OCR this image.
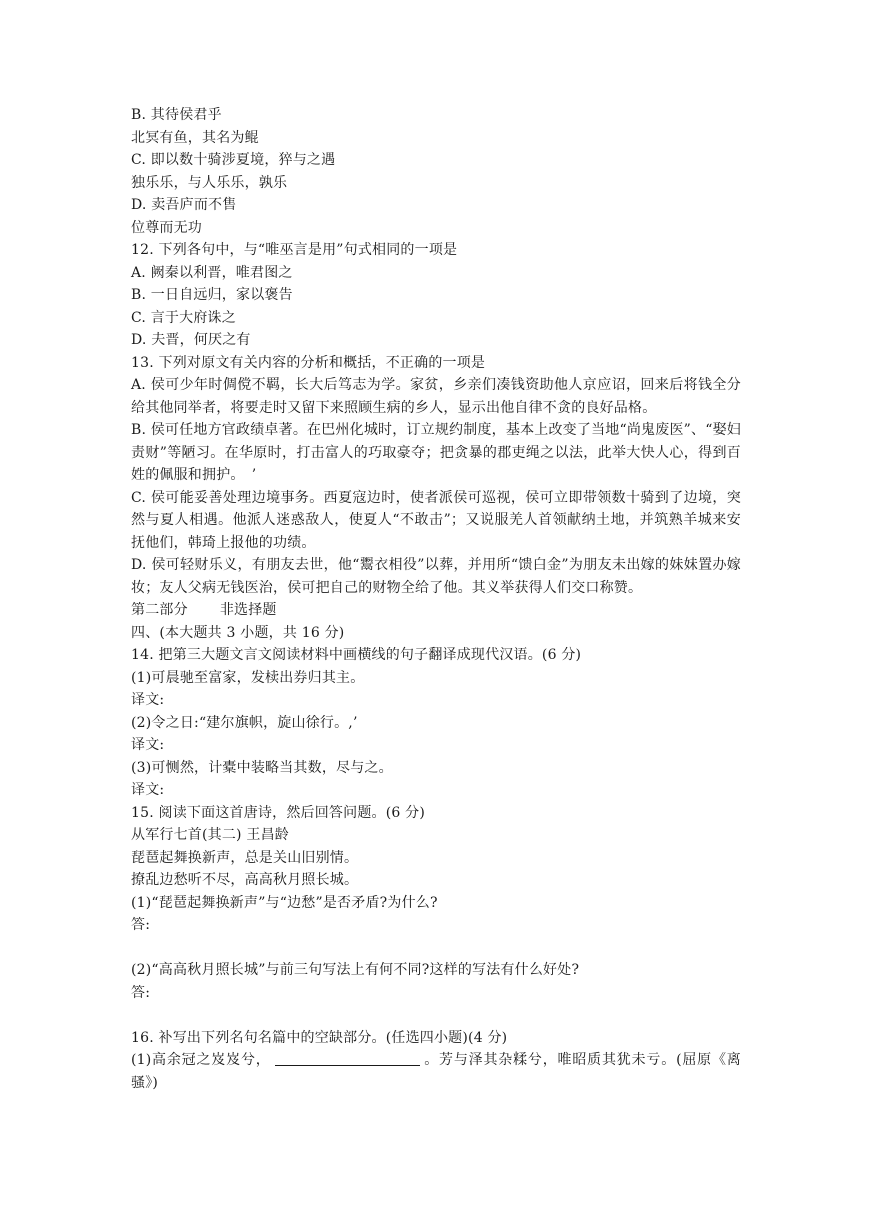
B. 其待侯君乎
北冥有鱼，其名为鲲
C. 即以数十骑涉夏境，猝与之遇
独乐乐，与人乐乐，孰乐
D. 卖吾庐而不售
位尊而无功
12. 下列各句中，与“唯巫言是用”句式相同的一项是
A. 阙秦以利晋，唯君图之
B. 一日自远归，家以褒告
C. 言于大府诛之
D. 夫晋，何厌之有
13. 下列对原文有关内容的分析和概括，不正确的一项是
A. 侯可少年时倜傥不羁，长大后笃志为学。家贫，乡亲们凑钱资助他人京应诏，回来后将钱全分给其他同举者，将要走时又留下来照顾生病的乡人，显示出他自律不贪的良好品格。
B. 侯可任地方官政绩卓著。在巴州化城时，订立规约制度，基本上改变了当地“尚鬼废医”、“娶妇责财”等陋习。在华原时，打击富人的巧取豪夺；把贪暴的郡吏绳之以法，此举大快人心，得到百姓的佩服和拥护。　’
C. 侯可能妥善处理边境事务。西夏寇边时，使者派侯可巡视，侯可立即带领数十骑到了边境，突然与夏人相遇。他派人迷惑敌人，使夏人“不敢击”；又说服羌人首领献纳土地，并筑熟羊城来安抚他们，韩琦上报他的功绩。
D. 侯可轻财乐义，有朋友去世，他“鬻衣相役”以葬，并用所“馈白金”为朋友未出嫁的妹妹置办嫁妆；友人父病无钱医治，侯可把自己的财物全给了他。其义举获得人们交口称赞。
第二部分 非选择题
四、(本大题共 3 小题，共 16 分)
14. 把第三大题文言文阅读材料中画横线的句子翻译成现代汉语。(6 分)
(1)可晨驰至富家，发椟出券归其主。
译文:
(2)令之日:“建尔旗帜，旋山徐行。,’
译文:
(3)可恻然，计橐中装略当其数，尽与之。
译文:
15. 阅读下面这首唐诗，然后回答问题。(6 分)
从军行七首(其二) 王昌龄
琵琶起舞换新声，总是关山旧别情。
撩乱边愁听不尽，高高秋月照长城。
(1)“琵琶起舞换新声”与“边愁”是否矛盾?为什么?
答:
(2)“高高秋月照长城”与前三句写法上有何不同?这样的写法有什么好处?
答:
16. 补写出下列名句名篇中的空缺部分。(任选四小题)(4 分)
(1)高余冠之岌岌兮，	。芳与泽其杂糅兮，唯昭质其犹未亏。(屈原《离骚》)
